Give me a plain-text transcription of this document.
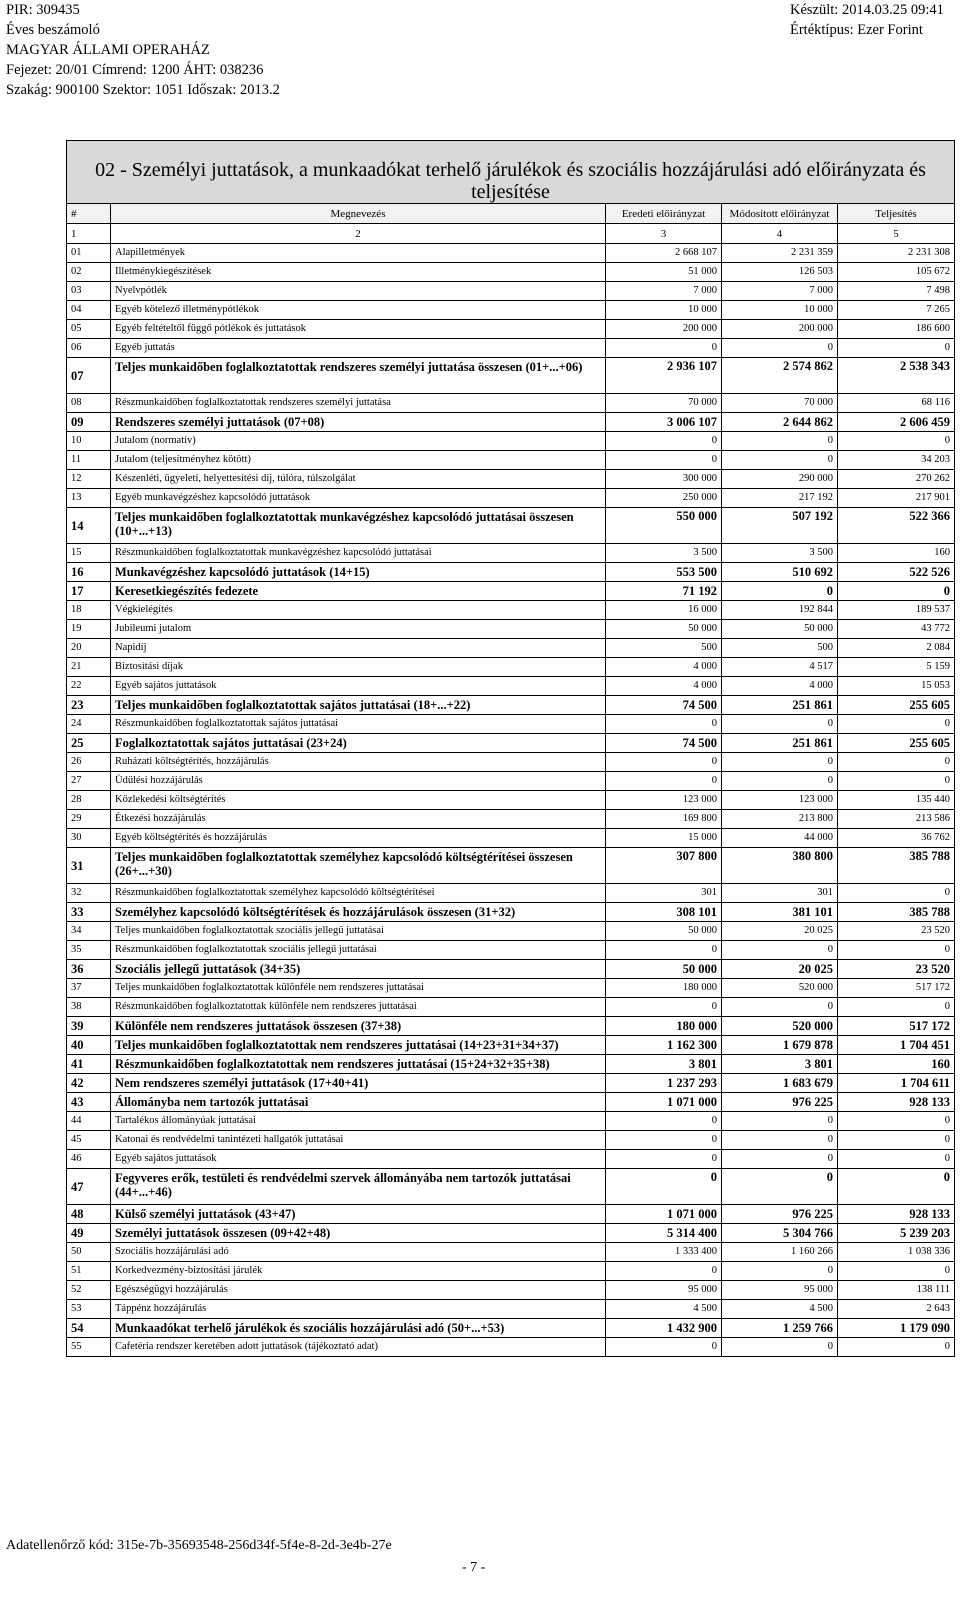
PIR: 309435
Éves beszámoló
MAGYAR ÁLLAMI OPERAHÁZ
Fejezet: 20/01 Címrend: 1200 ÁHT: 038236
Szakág: 900100 Szektor: 1051 Időszak: 2013.2
Készült: 2014.03.25 09:41
Értéktípus: Ezer Forint
02 - Személyi juttatások, a munkaadókat terhelő járulékok és szociális hozzájárulási adó előirányzata és teljesítése				
#	Megnevezés	Eredeti előirányzat	Módosított előirányzat	Teljesítés
1	2	3	4	5
01	Alapilletmények	2 668 107	2 231 359	2 231 308
02	Illetménykiegészítések	51 000	126 503	105 672
03	Nyelvpótlék	7 000	7 000	7 498
04	Egyéb kötelező illetménypótlékok	10 000	10 000	7 265
05	Egyéb feltételtől függő pótlékok és juttatások	200 000	200 000	186 600
06	Egyéb juttatás	0	0	0
07	Teljes munkaidőben foglalkoztatottak rendszeres személyi juttatása összesen (01+...+06)	2 936 107	2 574 862	2 538 343
08	Részmunkaidőben foglalkoztatottak rendszeres személyi juttatása	70 000	70 000	68 116
09	Rendszeres személyi juttatások (07+08)	3 006 107	2 644 862	2 606 459
10	Jutalom (normatív)	0	0	0
11	Jutalom (teljesítményhez kötött)	0	0	34 203
12	Készenléti, ügyeleti, helyettesítési díj, túlóra, túlszolgálat	300 000	290 000	270 262
13	Egyéb munkavégzéshez kapcsolódó juttatások	250 000	217 192	217 901
14	Teljes munkaidőben foglalkoztatottak munkavégzéshez kapcsolódó juttatásai összesen (10+...+13)	550 000	507 192	522 366
15	Részmunkaidőben foglalkoztatottak munkavégzéshez kapcsolódó juttatásai	3 500	3 500	160
16	Munkavégzéshez kapcsolódó juttatások (14+15)	553 500	510 692	522 526
17	Keresetkiegészítés fedezete	71 192	0	0
18	Végkielégítés	16 000	192 844	189 537
19	Jubileumi jutalom	50 000	50 000	43 772
20	Napidíj	500	500	2 084
21	Biztosítási díjak	4 000	4 517	5 159
22	Egyéb sajátos juttatások	4 000	4 000	15 053
23	Teljes munkaidőben foglalkoztatottak sajátos juttatásai (18+...+22)	74 500	251 861	255 605
24	Részmunkaidőben foglalkoztatottak sajátos juttatásai	0	0	0
25	Foglalkoztatottak sajátos juttatásai (23+24)	74 500	251 861	255 605
26	Ruházati költségtérítés, hozzájárulás	0	0	0
27	Üdülési hozzájárulás	0	0	0
28	Közlekedési költségtérítés	123 000	123 000	135 440
29	Étkezési hozzájárulás	169 800	213 800	213 586
30	Egyéb költségtérítés és hozzájárulás	15 000	44 000	36 762
31	Teljes munkaidőben foglalkoztatottak személyhez kapcsolódó költségtérítései összesen (26+...+30)	307 800	380 800	385 788
32	Részmunkaidőben foglalkoztatottak személyhez kapcsolódó költségtérítései	301	301	0
33	Személyhez kapcsolódó költségtérítések és hozzájárulások összesen (31+32)	308 101	381 101	385 788
34	Teljes munkaidőben foglalkoztatottak szociális jellegű juttatásai	50 000	20 025	23 520
35	Részmunkaidőben foglalkoztatottak szociális jellegű juttatásai	0	0	0
36	Szociális jellegű juttatások (34+35)	50 000	20 025	23 520
37	Teljes munkaidőben foglalkoztatottak különféle nem rendszeres juttatásai	180 000	520 000	517 172
38	Részmunkaidőben foglalkoztatottak különféle nem rendszeres juttatásai	0	0	0
39	Különféle nem rendszeres juttatások összesen (37+38)	180 000	520 000	517 172
40	Teljes munkaidőben foglalkoztatottak nem rendszeres juttatásai (14+23+31+34+37)	1 162 300	1 679 878	1 704 451
41	Részmunkaidőben foglalkoztatottak nem rendszeres juttatásai (15+24+32+35+38)	3 801	3 801	160
42	Nem rendszeres személyi juttatások (17+40+41)	1 237 293	1 683 679	1 704 611
43	Állományba nem tartozók juttatásai	1 071 000	976 225	928 133
44	Tartalékos állományúak juttatásai	0	0	0
45	Katonai és rendvédelmi tanintézeti hallgatók juttatásai	0	0	0
46	Egyéb sajátos juttatások	0	0	0
47	Fegyveres erők, testületi és rendvédelmi szervek állományába nem tartozók juttatásai (44+...+46)	0	0	0
48	Külső személyi juttatások (43+47)	1 071 000	976 225	928 133
49	Személyi juttatások összesen (09+42+48)	5 314 400	5 304 766	5 239 203
50	Szociális hozzájárulási adó	1 333 400	1 160 266	1 038 336
51	Korkedvezmény-biztosítási járulék	0	0	0
52	Egészségügyi hozzájárulás	95 000	95 000	138 111
53	Táppénz hozzájárulás	4 500	4 500	2 643
54	Munkaadókat terhelő járulékok és szociális hozzájárulási adó (50+...+53)	1 432 900	1 259 766	1 179 090
55	Cafetéria rendszer keretében adott juttatások (tájékoztató adat)	0	0	0
Adatellenőrző kód: 315e-7b-35693548-256d34f-5f4e-8-2d-3e4b-27e
- 7 -
